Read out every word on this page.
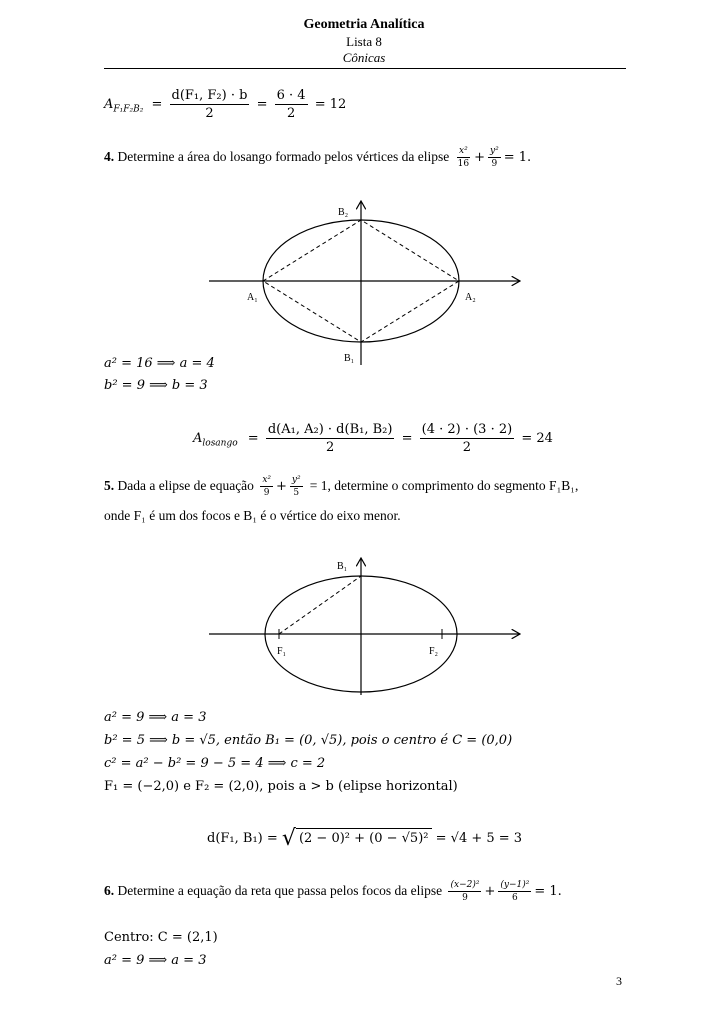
Geometria Analítica
Lista 8
Cônicas
$A_{F_1F_2B_2} = \frac{\text{d(F₁, F₂) · b}}{2} = \frac{6 \cdot 4}{2} = 12$
4. Determine a área do losango formado pelos vértices da elipse $\frac{\text{x²}}{16} + \frac{\text{y²}}{9} = 1$.
B₂
B₁
A₁	A₂
a² = 16 ⟹ a = 4
b² = 9 ⟹ b = 3
$A_{losango} = \frac{\text{d(A₁, A₂) · d(B₁, B₂)}}{2} = \frac{(4 \cdot 2) \cdot (3 \cdot 2)}{2} = 24$
5. Dada a elipse de equação $\frac{\text{x²}}{9} + \frac{\text{y²}}{5} = 1$, determine o comprimento do segmento F₁B₁,
onde F₁ é um dos focos e B₁ é o vértice do eixo menor.
B₁
F₁	F₂
a² = 9 ⟹ a = 3
b² = 5 ⟹ b = √5, então B₁ = (0, √5), pois o centro é C = (0,0)
c² = a² − b² = 9 − 5 = 4 ⟹ c = 2
F₁ = (−2,0) e F₂ = (2,0), pois a > b (elipse horizontal)
d(F₁, B₁) = √ (2 − 0)² + (0 − √5)² = √4 + 5 = 3
6. Determine a equação da reta que passa pelos focos da elipse $\frac{\text{(x−2)²}}{9} + \frac{\text{(y−1)²}}{6} = 1$.
Centro: C = (2,1)
a² = 9 ⟹ a = 3
3
